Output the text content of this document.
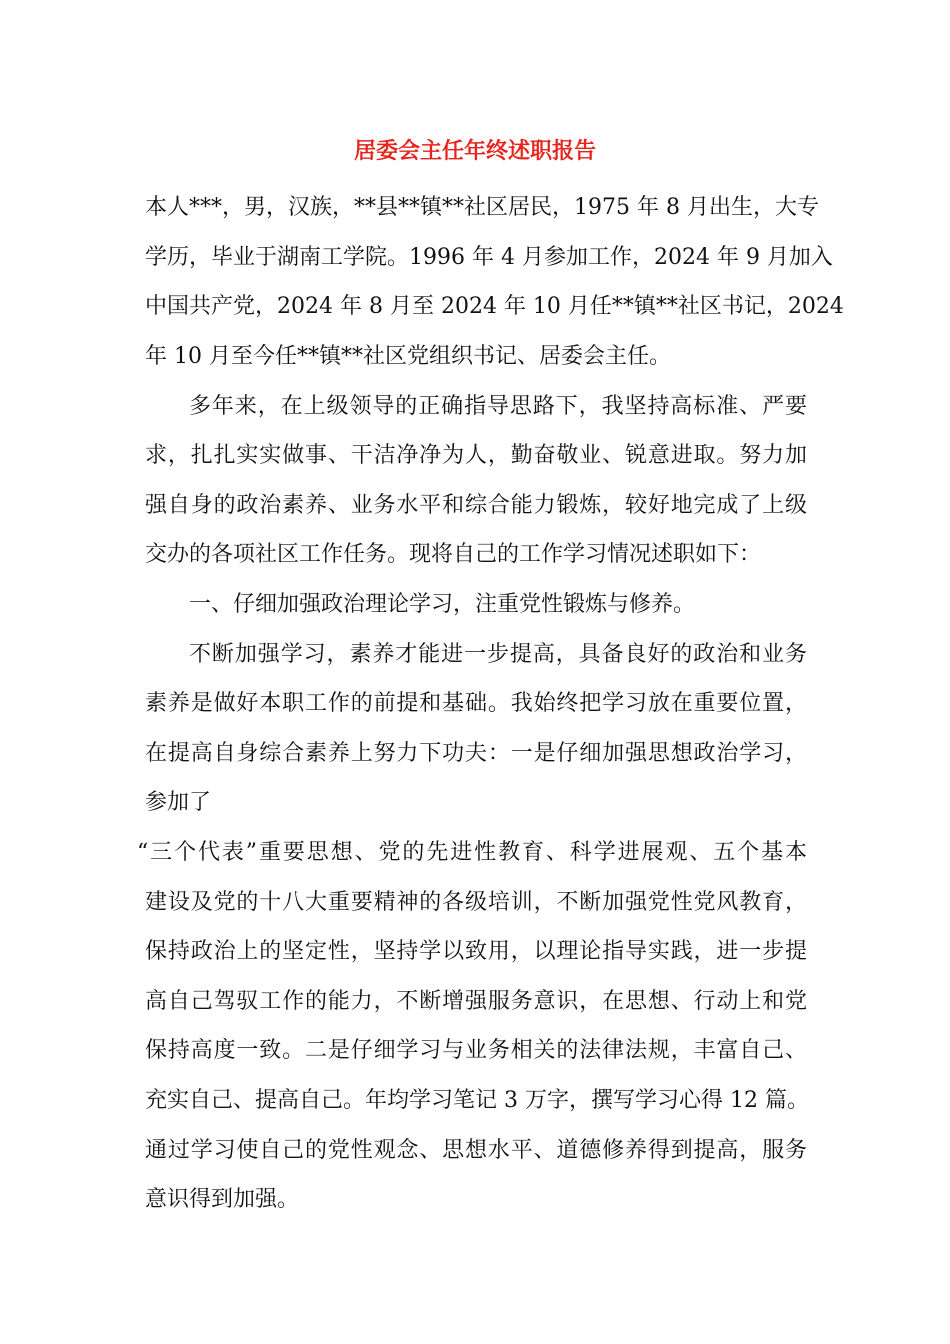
居委会主任年终述职报告
本人***，男，汉族，**县**镇**社区居民，1975 年 8 月出生，大专
学历，毕业于湖南工学院。1996 年 4 月参加工作，2024 年 9 月加入
中国共产党，2024 年 8 月至 2024 年 10 月任**镇**社区书记，2024
年 10 月至今任**镇**社区党组织书记、居委会主任。
多年来，在上级领导的正确指导思路下，我坚持高标准、严要
求，扎扎实实做事、干洁净净为人，勤奋敬业、锐意进取。努力加
强自身的政治素养、业务水平和综合能力锻炼，较好地完成了上级
交办的各项社区工作任务。现将自己的工作学习情况述职如下：
一、仔细加强政治理论学习，注重党性锻炼与修养。
不断加强学习，素养才能进一步提高，具备良好的政治和业务
素养是做好本职工作的前提和基础。我始终把学习放在重要位置，
在提高自身综合素养上努力下功夫：一是仔细加强思想政治学习，
参加了
“三个代表”重要思想、党的先进性教育、科学进展观、五个基本
建设及党的十八大重要精神的各级培训，不断加强党性党风教育，
保持政治上的坚定性，坚持学以致用，以理论指导实践，进一步提
高自己驾驭工作的能力，不断增强服务意识，在思想、行动上和党
保持高度一致。二是仔细学习与业务相关的法律法规，丰富自己、
充实自己、提高自己。年均学习笔记 3 万字，撰写学习心得 12 篇。
通过学习使自己的党性观念、思想水平、道德修养得到提高，服务
意识得到加强。
